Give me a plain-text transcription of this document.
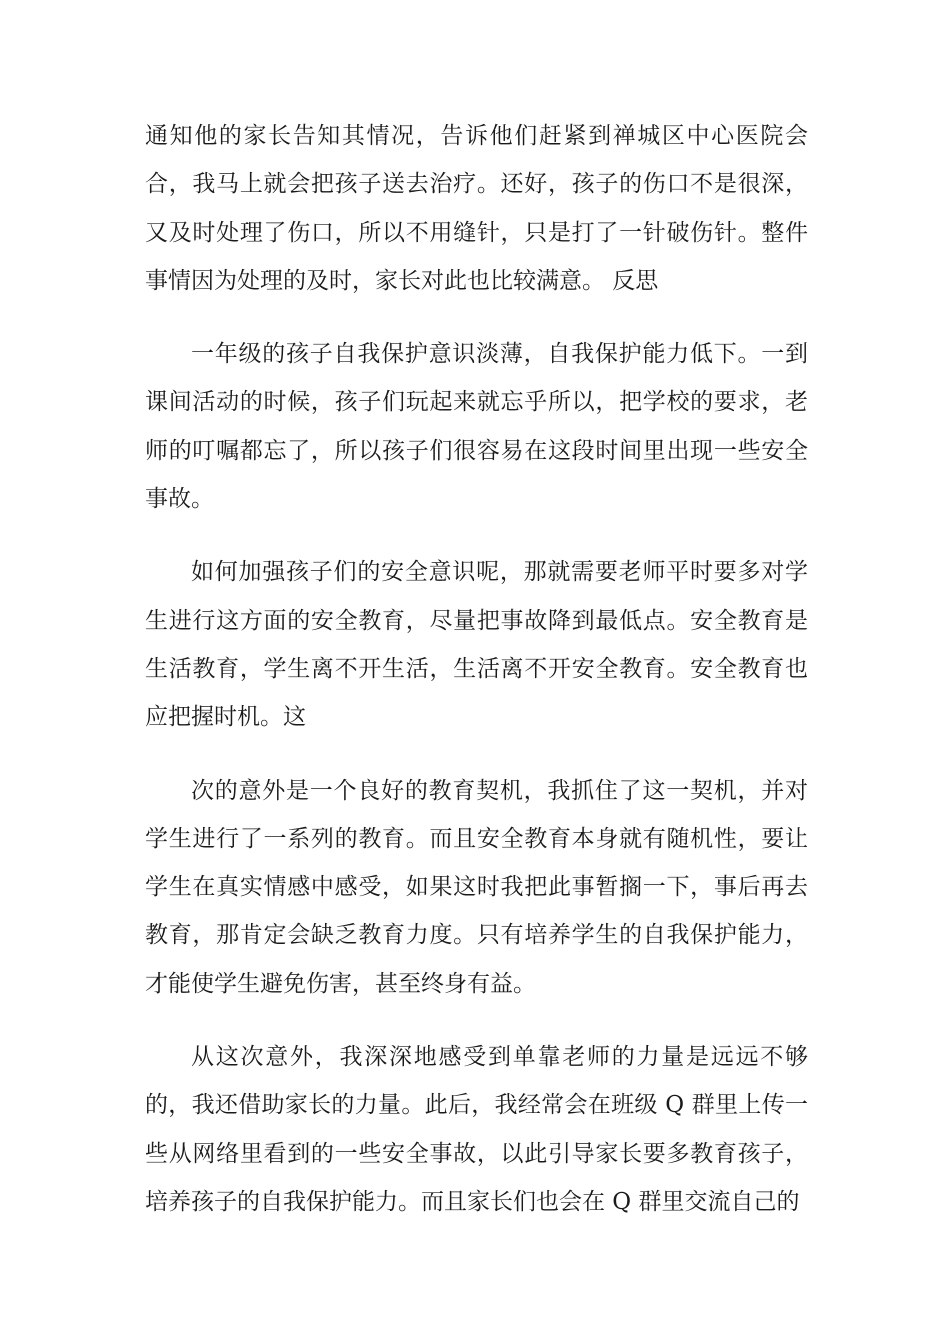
通知他的家长告知其情况，告诉他们赶紧到禅城区中心医院会合，我马上就会把孩子送去治疗。还好，孩子的伤口不是很深，又及时处理了伤口，所以不用缝针，只是打了一针破伤针。整件事情因为处理的及时，家长对此也比较满意。 反思

一年级的孩子自我保护意识淡薄，自我保护能力低下。一到课间活动的时候，孩子们玩起来就忘乎所以，把学校的要求，老师的叮嘱都忘了，所以孩子们很容易在这段时间里出现一些安全事故。

如何加强孩子们的安全意识呢，那就需要老师平时要多对学生进行这方面的安全教育，尽量把事故降到最低点。安全教育是生活教育，学生离不开生活，生活离不开安全教育。安全教育也应把握时机。这

次的意外是一个良好的教育契机，我抓住了这一契机，并对学生进行了一系列的教育。而且安全教育本身就有随机性，要让学生在真实情感中感受，如果这时我把此事暂搁一下，事后再去教育，那肯定会缺乏教育力度。只有培养学生的自我保护能力，才能使学生避免伤害，甚至终身有益。

从这次意外，我深深地感受到单靠老师的力量是远远不够的，我还借助家长的力量。此后，我经常会在班级 Q 群里上传一些从网络里看到的一些安全事故，以此引导家长要多教育孩子，培养孩子的自我保护能力。而且家长们也会在 Q 群里交流自己的
